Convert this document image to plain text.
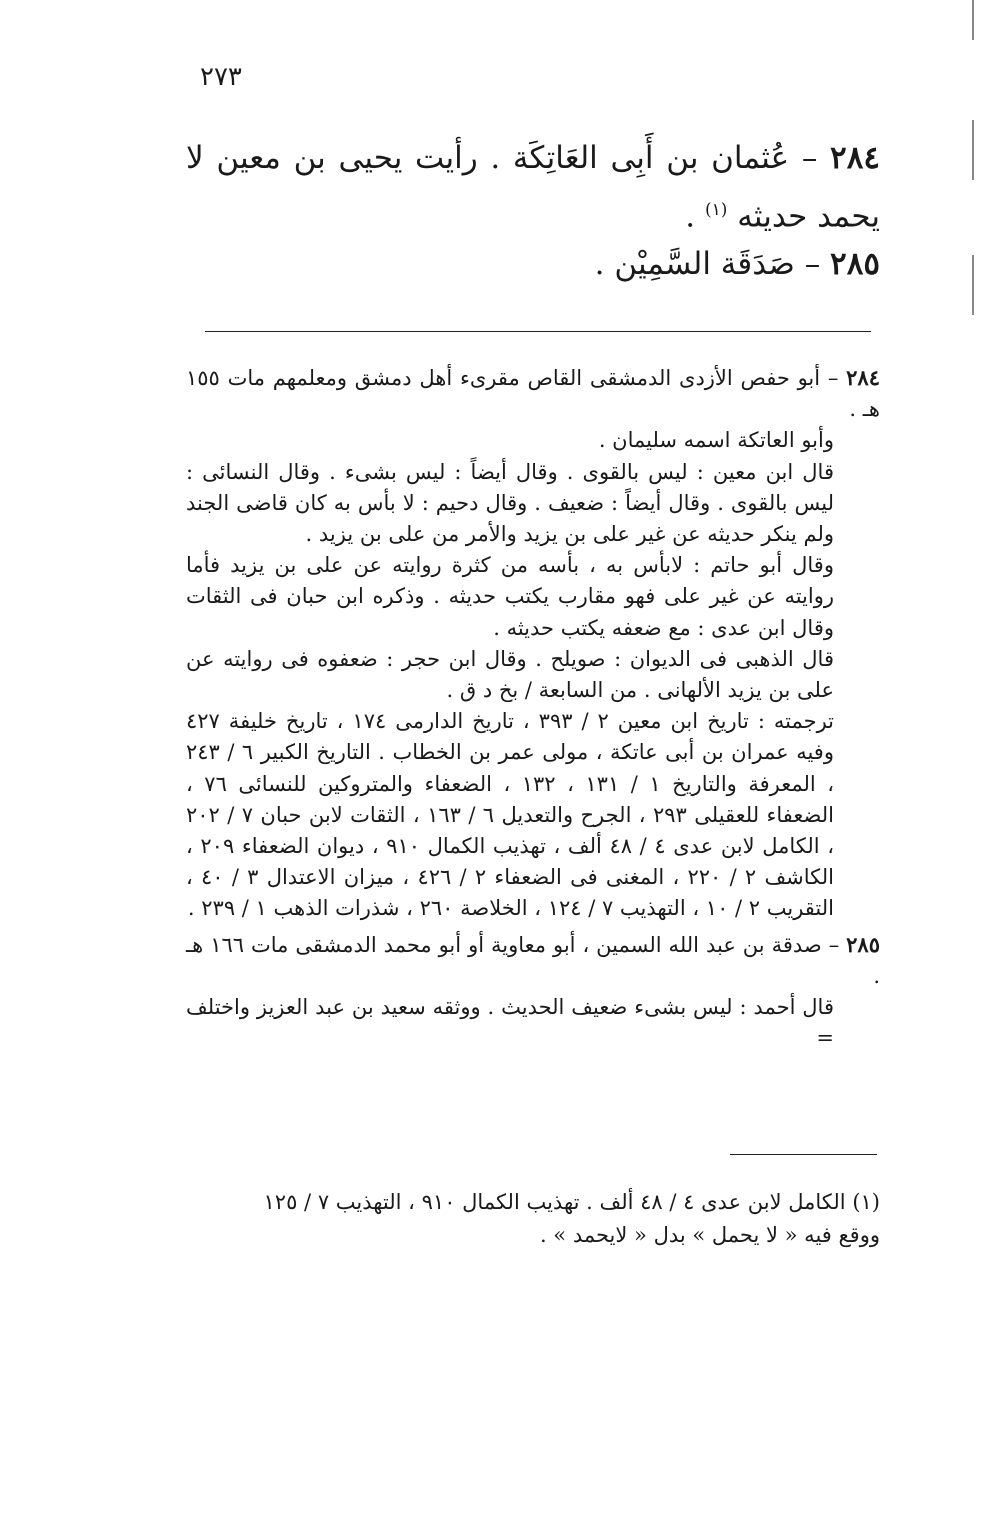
٢٧٣
٢٨٤ – عُثمان بن أَبِى العَاتِكَة . رأيت يحيى بن معين لا يحمد حديثه $^{(١)}$ .
٢٨٥ – صَدَقَة السَّمِيْن .

٢٨٤ – أبو حفص الأزدى الدمشقى القاص مقرىء أهل دمشق ومعلمهم مات ١٥٥ هـ .

وأبو العاتكة اسمه سليمان .

قال ابن معين : ليس بالقوى . وقال أيضاً : ليس بشىء . وقال النسائى : ليس بالقوى . وقال أيضاً : ضعيف . وقال دحيم : لا بأس به كان قاضى الجند ولم ينكر حديثه عن غير على بن يزيد والأمر من على بن يزيد .

وقال أبو حاتم : لابأس به ، بأسه من كثرة روايته عن على بن يزيد فأما روايته عن غير على فهو مقارب يكتب حديثه . وذكره ابن حبان فى الثقات وقال ابن عدى : مع ضعفه يكتب حديثه .

قال الذهبى فى الديوان : صويلح . وقال ابن حجر : ضعفوه فى روايته عن على بن يزيد الألهانى . من السابعة / بخ د ق .

ترجمته : تاريخ ابن معين ٢ / ٣٩٣ ، تاريخ الدارمى ١٧٤ ، تاريخ خليفة ٤٢٧ وفيه عمران بن أبى عاتكة ، مولى عمر بن الخطاب . التاريخ الكبير ٦ / ٢٤٣ ، المعرفة والتاريخ ١ / ١٣١ ، ١٣٢ ، الضعفاء والمتروكين للنسائى ٧٦ ، الضعفاء للعقيلى ٢٩٣ ، الجرح والتعديل ٦ / ١٦٣ ، الثقات لابن حبان ٧ / ٢٠٢ ، الكامل لابن عدى ٤ / ٤٨ ألف ، تهذيب الكمال ٩١٠ ، ديوان الضعفاء ٢٠٩ ، الكاشف ٢ / ٢٢٠ ، المغنى فى الضعفاء ٢ / ٤٢٦ ، ميزان الاعتدال ٣ / ٤٠ ، التقريب ٢ / ١٠ ، التهذيب ٧ / ١٢٤ ، الخلاصة ٢٦٠ ، شذرات الذهب ١ / ٢٣٩ .

٢٨٥ – صدقة بن عبد الله السمين ، أبو معاوية أو أبو محمد الدمشقى مات ١٦٦ هـ .

قال أحمد : ليس بشىء ضعيف الحديث . ووثقه سعيد بن عبد العزيز واختلف =

(١) الكامل لابن عدى ٤ / ٤٨ ألف . تهذيب الكمال ٩١٠ ، التهذيب ٧ / ١٢٥

ووقع فيه « لا يحمل » بدل « لايحمد » .
